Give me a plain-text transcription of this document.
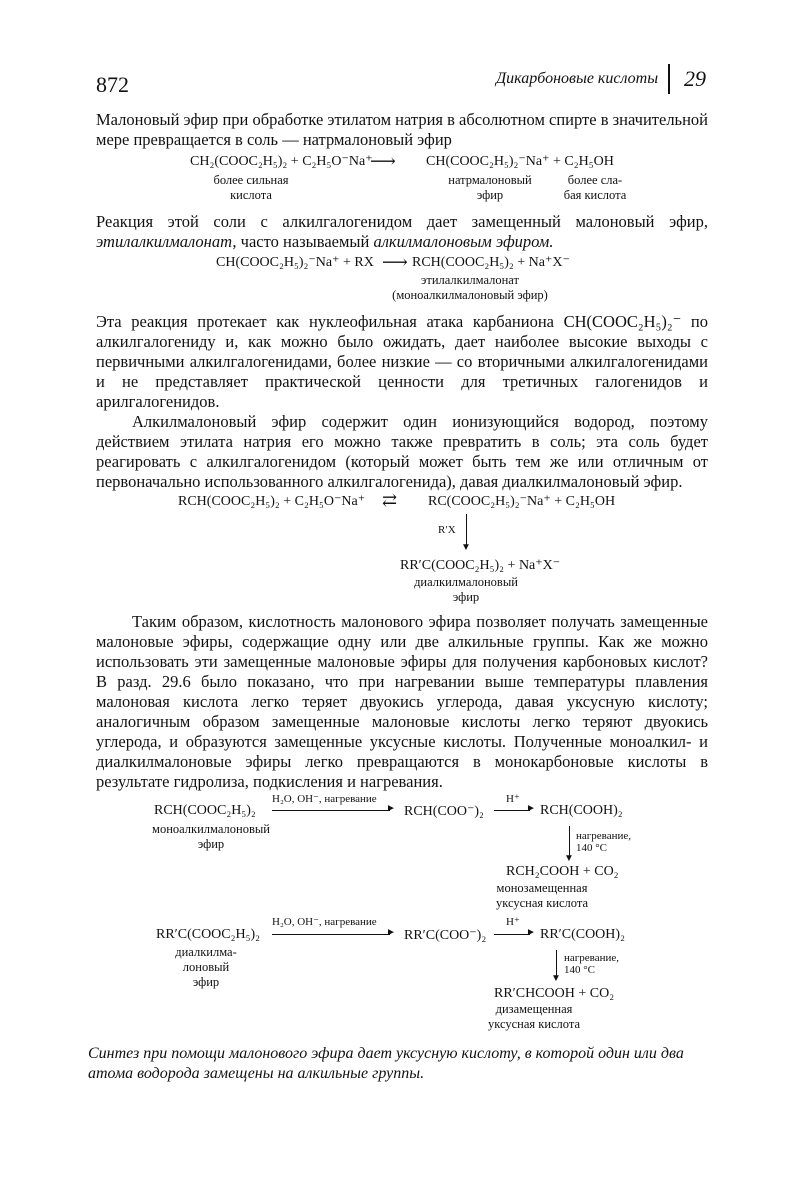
872	Дикарбоновые кислоты 29
Малоновый эфир при обработке этилатом натрия в абсолютном спирте в значительной мере превращается в соль — натрмалоновый эфир
CH₂(COOC₂H₅)₂ + C₂H₅O⁻Na⁺
⟶ CH(COOC₂H₅)₂⁻Na⁺ + C₂H₅OH
более сильная
кислота
натрмалоновый
эфир
более сла-
бая кислота
Реакция этой соли с алкилгалогенидом дает замещенный малоновый эфир, этилалкилмалонат, часто называемый алкилмалоновым эфиром.
CH(COOC₂H₅)₂⁻Na⁺ + RX ⟶ RCH(COOC₂H₅)₂ + Na⁺X⁻
этилалкилмалонат
(моноалкилмалоновый эфир)
Эта реакция протекает как нуклеофильная атака карбаниона CH(COOC₂H₅)₂⁻ по алкилгалогениду и, как можно было ожидать, дает наиболее высокие выходы с первичными алкилгалогенидами, более низкие — со вторичными алкилгалогенидами и не представляет практической ценности для третичных галогенидов и арилгалогенидов.
Алкилмалоновый эфир содержит один ионизующийся водород, поэтому действием этилата натрия его можно также превратить в соль; эта соль будет реагировать с алкилгалогенидом (который может быть тем же или отличным от первоначально использованного алкилгалогенида), давая диалкилмалоновый эфир.
RCH(COOC₂H₅)₂ + C₂H₅O⁻Na⁺ ⇄ RC(COOC₂H₅)₂⁻Na⁺ + C₂H₅OH
R′X
▼
RR′C(COOC₂H₅)₂ + Na⁺X⁻
диалкилмалоновый
эфир
Таким образом, кислотность малонового эфира позволяет получать замещенные малоновые эфиры, содержащие одну или две алкильные группы. Как же можно использовать эти замещенные малоновые эфиры для получения карбоновых кислот? В разд. 29.6 было показано, что при нагревании выше температуры плавления малоновая кислота легко теряет двуокись углерода, давая уксусную кислоту; аналогичным образом замещенные малоновые кислоты легко теряют двуокись углерода, и образуются замещенные уксусные кислоты. Полученные моноалкил- и диалкилмалоновые эфиры легко превращаются в монокарбоновые кислоты в результате гидролиза, подкисления и нагревания.
H₂O, OH⁻, нагревание
►
RCH(COOC₂H₅)₂
моноалкилмалоновый
эфир
RCH(COO⁻)₂
H⁺
► RCH(COOH)₂
▼
нагревание,
140 °C
RCH₂COOH + CO₂
монозамещенная
уксусная кислота
H₂O, OH⁻, нагревание
►
RR′C(COOC₂H₅)₂
диалкилма-
лоновый
эфир
RR′C(COO⁻)₂
H⁺
► RR′C(COOH)₂
▼
нагревание,
140 °C
RR′CHCOOH + CO₂
дизамещенная
уксусная кислота
Синтез при помощи малонового эфира дает уксусную кислоту, в которой один или два атома водорода замещены на алкильные группы.
